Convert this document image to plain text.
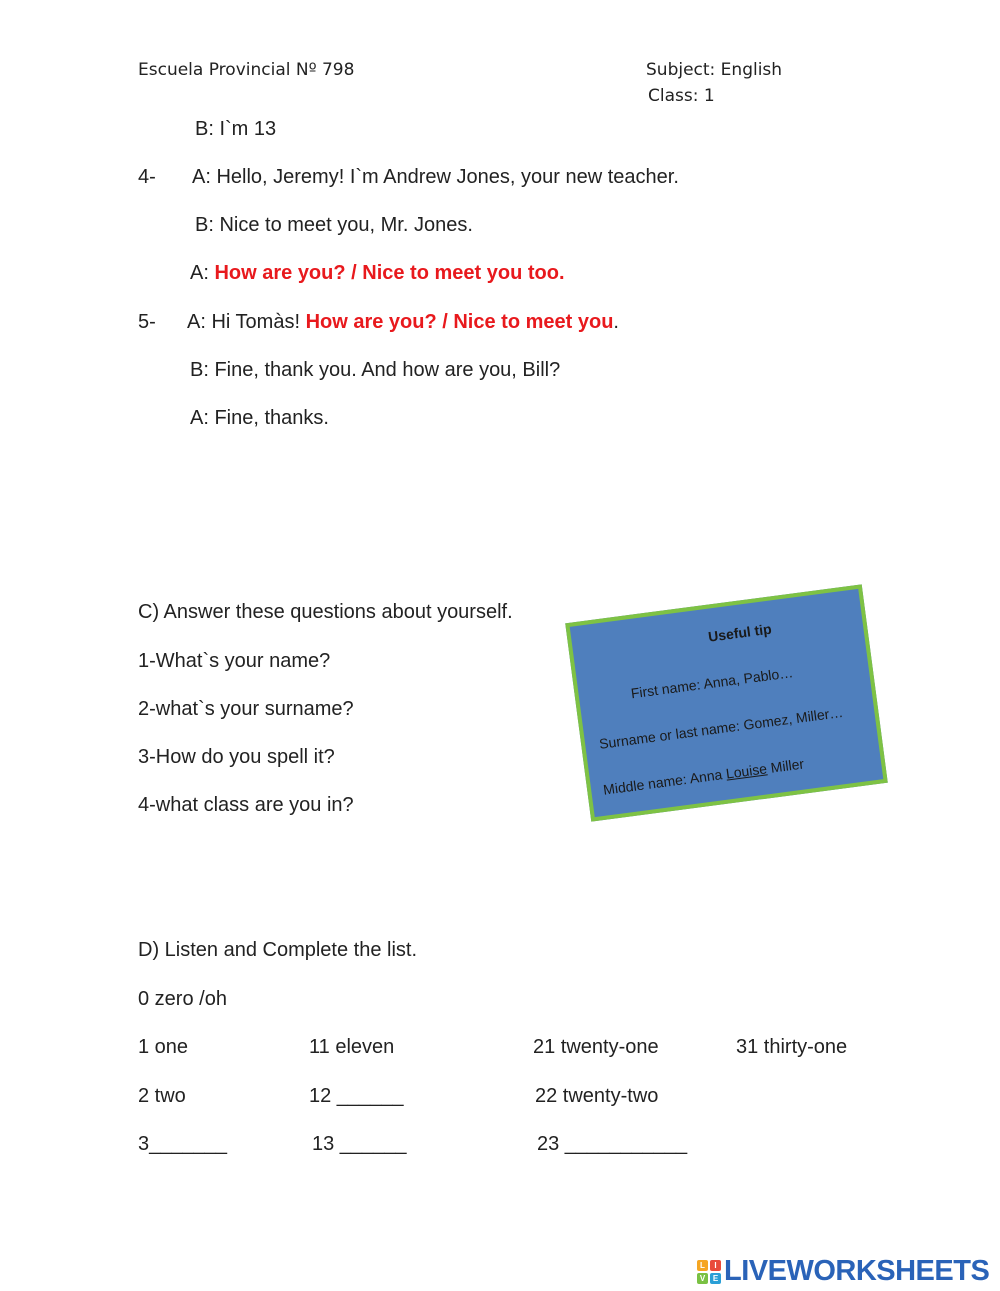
Escuela Provincial Nº 798	Subject: English
Class: 1
B: I`m 13
4- A: Hello, Jeremy! I`m Andrew Jones, your new teacher.
B: Nice to meet you, Mr. Jones.
A: How are you? / Nice to meet you too.
5- A: Hi Tomàs! How are you? / Nice to meet you.
B: Fine, thank you. And how are you, Bill?
A: Fine, thanks.
C) Answer these questions about yourself.
1-What`s your name?
2-what`s your surname?
3-How do you spell it?
4-what class are you in?
Useful tip
First name: Anna, Pablo…
Surname or last name: Gomez, Miller…
Middle name: Anna Louise Miller
D) Listen and Complete the list.
0 zero /oh
1 one	11 eleven	21 twenty-one	31 thirty-one
2 two	12 ______	22 twenty-two
3_______	13 ______	23 ___________
L	I
V E LIVEWORKSHEETS
